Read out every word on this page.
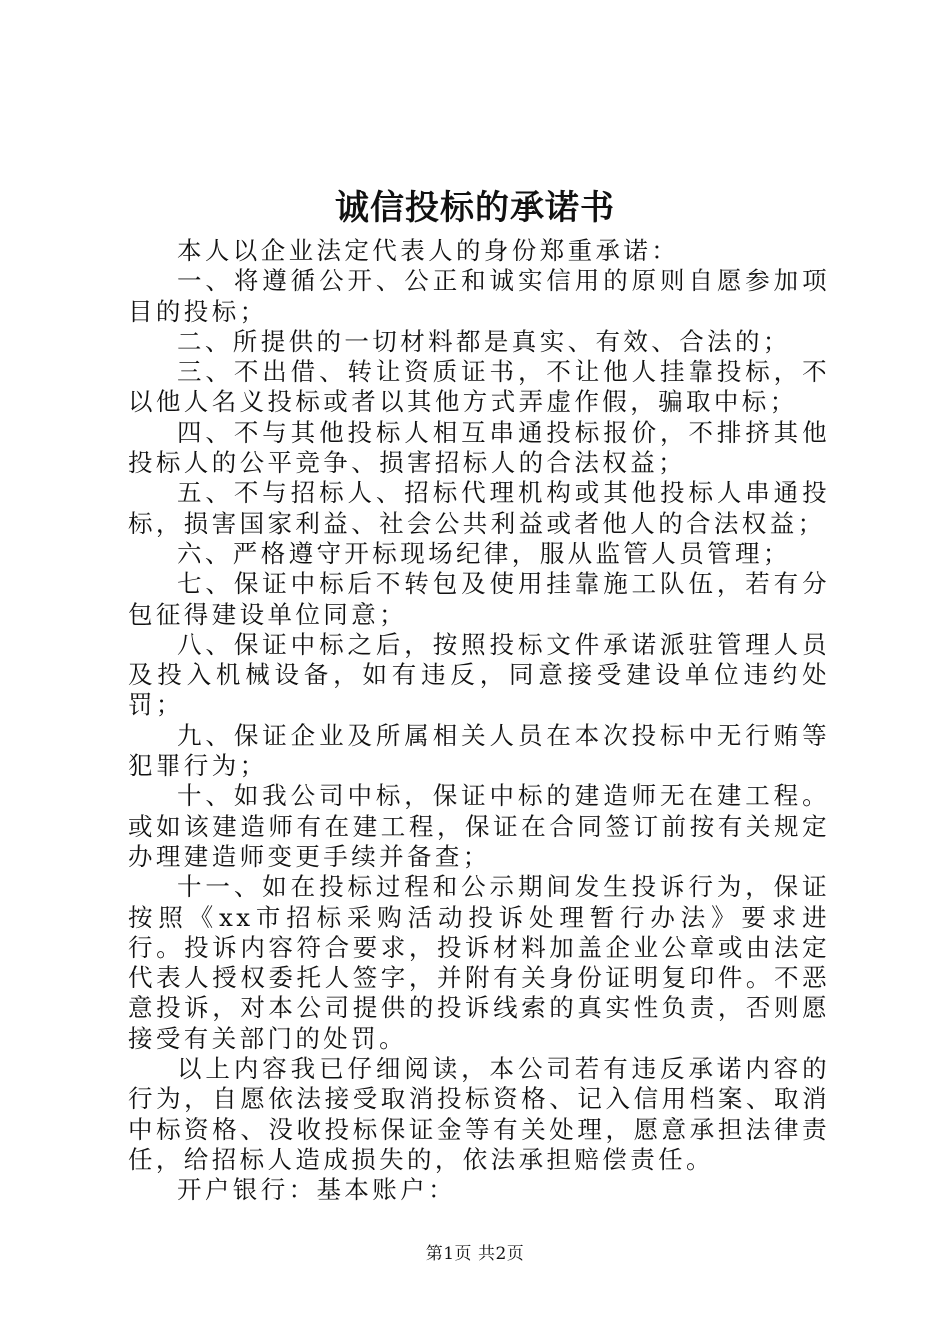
诚信投标的承诺书

本人以企业法定代表人的身份郑重承诺：

一、将遵循公开、公正和诚实信用的原则自愿参加项目的投标；

二、所提供的一切材料都是真实、有效、合法的；

三、不出借、转让资质证书，不让他人挂靠投标，不以他人名义投标或者以其他方式弄虚作假，骗取中标；

四、不与其他投标人相互串通投标报价，不排挤其他投标人的公平竞争、损害招标人的合法权益；

五、不与招标人、招标代理机构或其他投标人串通投标，损害国家利益、社会公共利益或者他人的合法权益；

六、严格遵守开标现场纪律，服从监管人员管理；

七、保证中标后不转包及使用挂靠施工队伍，若有分包征得建设单位同意；

八、保证中标之后，按照投标文件承诺派驻管理人员及投入机械设备，如有违反，同意接受建设单位违约处罚；

九、保证企业及所属相关人员在本次投标中无行贿等犯罪行为；

十、如我公司中标，保证中标的建造师无在建工程。或如该建造师有在建工程，保证在合同签订前按有关规定办理建造师变更手续并备查；

十一、如在投标过程和公示期间发生投诉行为，保证按照《xx市招标采购活动投诉处理暂行办法》要求进行。投诉内容符合要求，投诉材料加盖企业公章或由法定代表人授权委托人签字，并附有关身份证明复印件。不恶意投诉，对本公司提供的投诉线索的真实性负责，否则愿接受有关部门的处罚。

以上内容我已仔细阅读，本公司若有违反承诺内容的行为，自愿依法接受取消投标资格、记入信用档案、取消中标资格、没收投标保证金等有关处理，愿意承担法律责任，给招标人造成损失的，依法承担赔偿责任。

开户银行：基本账户：

第1页 共2页
